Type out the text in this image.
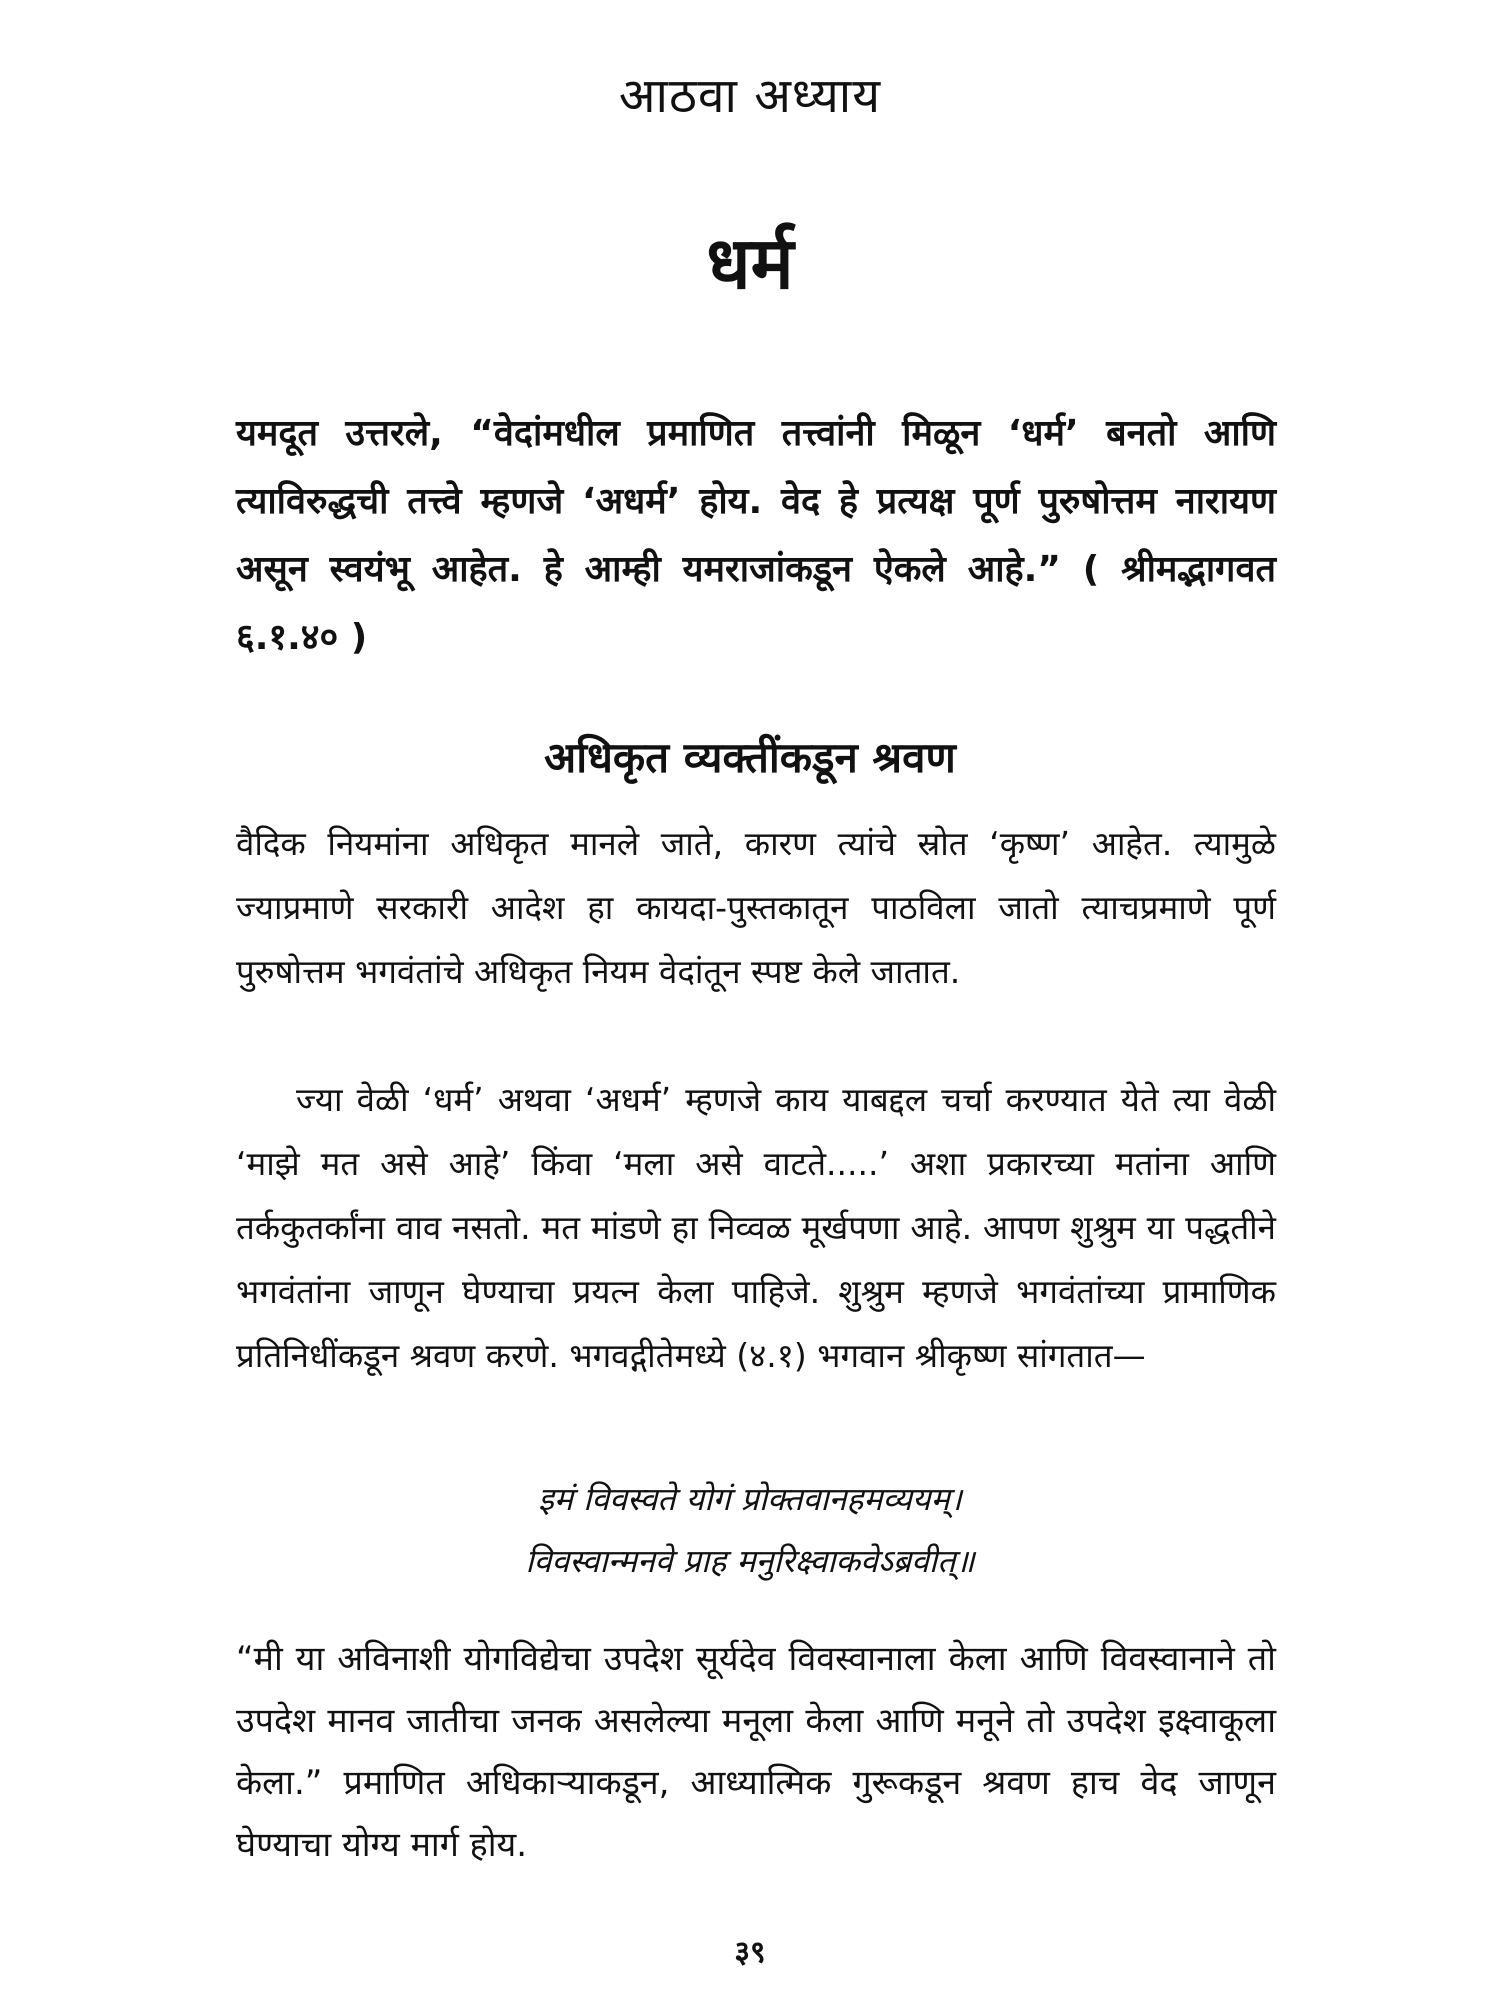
आठवा अध्याय
धर्म
यमदूत उत्तरले, “वेदांमधील प्रमाणित तत्त्वांनी मिळून ‘धर्म’ बनतो आणि त्याविरुद्धची तत्त्वे म्हणजे ‘अधर्म’ होय. वेद हे प्रत्यक्ष पूर्ण पुरुषोत्तम नारायण असून स्वयंभू आहेत. हे आम्ही यमराजांकडून ऐकले आहे.” ( श्रीमद्भागवत ६.१.४० )
अधिकृत व्यक्तींकडून श्रवण
वैदिक नियमांना अधिकृत मानले जाते, कारण त्यांचे स्रोत ‘कृष्ण’ आहेत. त्यामुळे ज्याप्रमाणे सरकारी आदेश हा कायदा-पुस्तकातून पाठविला जातो त्याचप्रमाणे पूर्ण पुरुषोत्तम भगवंतांचे अधिकृत नियम वेदांतून स्पष्ट केले जातात.
ज्या वेळी ‘धर्म’ अथवा ‘अधर्म’ म्हणजे काय याबद्दल चर्चा करण्यात येते त्या वेळी ‘माझे मत असे आहे’ किंवा ‘मला असे वाटते.....’ अशा प्रकारच्या मतांना आणि तर्ककुतर्कांना वाव नसतो. मत मांडणे हा निव्वळ मूर्खपणा आहे. आपण शुश्रुम या पद्धतीने भगवंतांना जाणून घेण्याचा प्रयत्न केला पाहिजे. शुश्रुम म्हणजे भगवंतांच्या प्रामाणिक प्रतिनिधींकडून श्रवण करणे. भगवद्गीतेमध्ये (४.१) भगवान श्रीकृष्ण सांगतात—
इमं विवस्वते योगं प्रोक्तवानहमव्ययम्।
विवस्वान्मनवे प्राह मनुरिक्ष्वाकवेऽब्रवीत्॥
“मी या अविनाशी योगविद्येचा उपदेश सूर्यदेव विवस्वानाला केला आणि विवस्वानाने तो उपदेश मानव जातीचा जनक असलेल्या मनूला केला आणि मनूने तो उपदेश इक्ष्वाकूला केला.” प्रमाणित अधिकाऱ्याकडून, आध्यात्मिक गुरूकडून श्रवण हाच वेद जाणून घेण्याचा योग्य मार्ग होय.
३९
